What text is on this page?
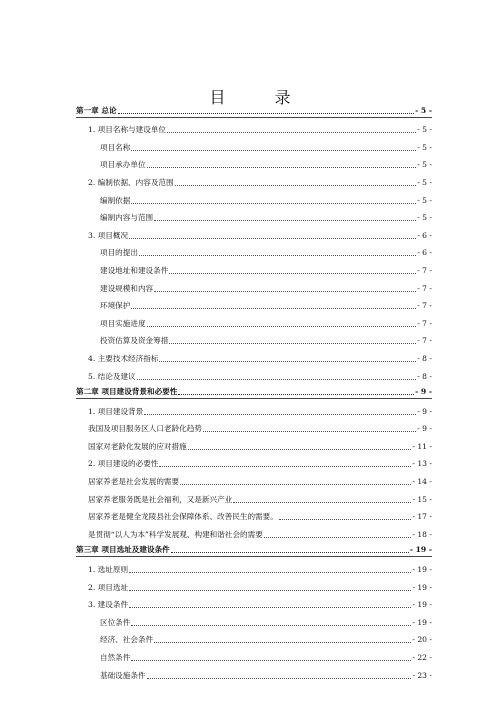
目 录
第一章 总论	- 5 -
1. 项目名称与建设单位	- 5 -
项目名称	- 5 -
项目承办单位	- 5 -
2. 编制依据、内容及范围	- 5 -
编制依据	- 5 -
编制内容与范围	- 5 -
3. 项目概况	- 6 -
项目的提出	- 6 -
建设地址和建设条件	- 7 -
建设规模和内容	- 7 -
环境保护	- 7 -
项目实施进度	- 7 -
投资估算及资金筹措	- 7 -
4. 主要技术经济指标	- 8 -
5. 结论及建议	- 8 -
第二章 项目建设背景和必要性	- 9 -
1. 项目建设背景	- 9 -
我国及项目服务区人口老龄化趋势	- 9 -
国家对老龄化发展的应对措施	- 11 -
2. 项目建设的必要性	- 13 -
居家养老是社会发展的需要	- 14 -
居家养老服务既是社会福利，又是新兴产业	- 15 -
居家养老是健全龙陵县社会保障体系、改善民生的需要。	- 17 -
是贯彻“以人为本”科学发展观、构建和谐社会的需要	- 18 -
第三章 项目选址及建设条件	- 19 -
1. 选址原则	- 19 -
2. 项目选址	- 19 -
3. 建设条件	- 19 -
区位条件	- 19 -
经济、社会条件	- 20 -
自然条件	- 22 -
基础设施条件	- 23 -
